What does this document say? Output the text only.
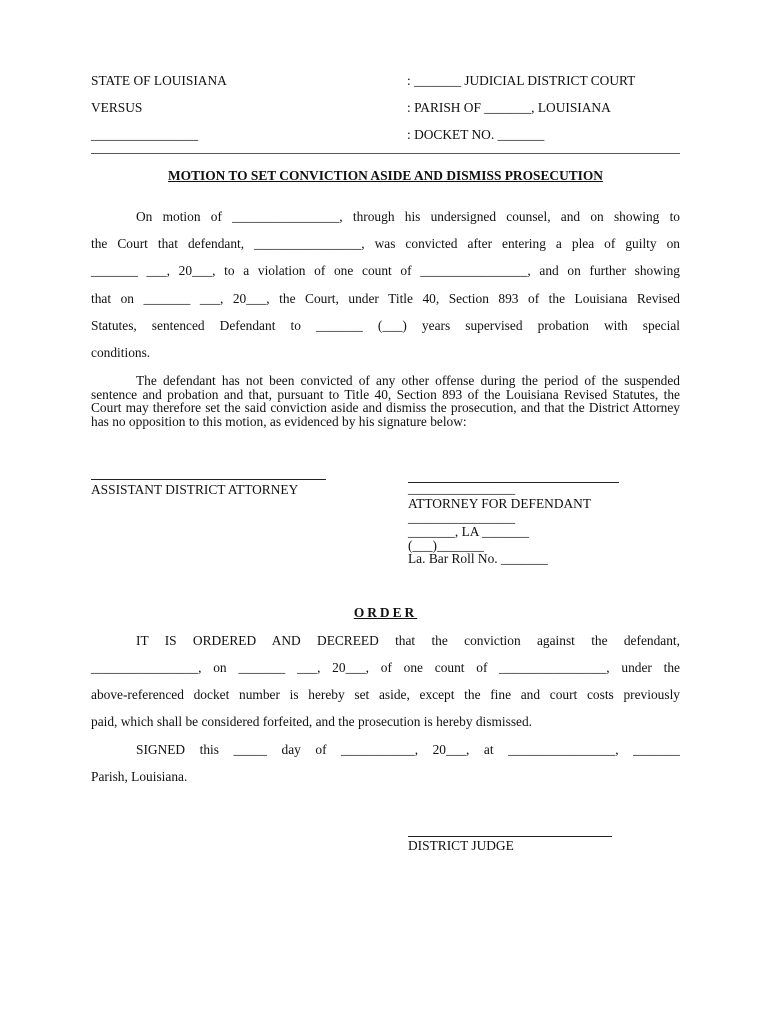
STATE OF LOUISIANA
VERSUS
________________
: _______ JUDICIAL DISTRICT COURT
: PARISH OF _______, LOUISIANA
: DOCKET NO. _______
MOTION TO SET CONVICTION ASIDE AND DISMISS PROSECUTION
On motion of ________________, through his undersigned counsel, and on showing to
the Court that defendant, ________________, was convicted after entering a plea of guilty on
_______ ___, 20___, to a violation of one count of ________________, and on further showing
that on _______ ___, 20___, the Court, under Title 40, Section 893 of the Louisiana Revised
Statutes, sentenced Defendant to _______ (___) years supervised probation with special
conditions.
The defendant has not been convicted of any other offense during the period of the suspended sentence and probation and that, pursuant to Title 40, Section 893 of the Louisiana Revised Statutes, the Court may therefore set the said conviction aside and dismiss the prosecution, and that the District Attorney has no opposition to this motion, as evidenced by his signature below:
ASSISTANT DISTRICT ATTORNEY	________________
ATTORNEY FOR DEFENDANT
________________
_______, LA _______
(___)_______
La. Bar Roll No. _______
ORDER
IT IS ORDERED AND DECREED that the conviction against the defendant,
________________, on _______ ___, 20___, of one count of ________________, under the
above-referenced docket number is hereby set aside, except the fine and court costs previously
paid, which shall be considered forfeited, and the prosecution is hereby dismissed.
SIGNED this _____ day of ___________, 20___, at ________________, _______
Parish, Louisiana.
DISTRICT JUDGE
